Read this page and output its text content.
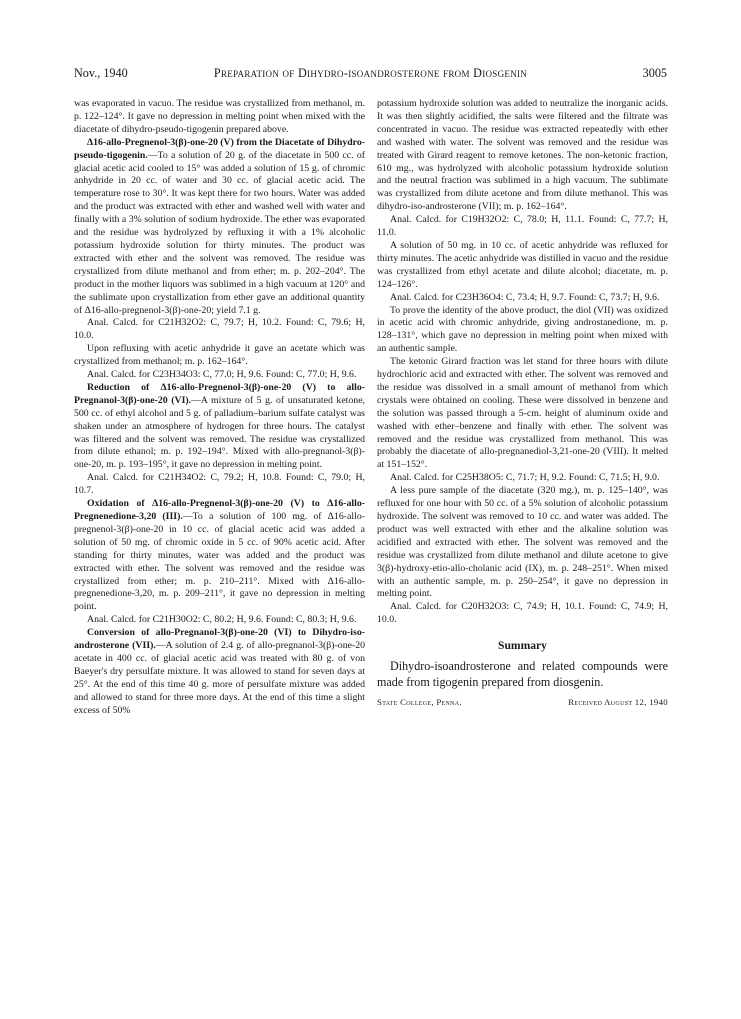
Nov., 1940	Preparation of Dihydro-isoandrosterone from Diosgenin	3005

was evaporated in vacuo. The residue was crystallized from methanol, m. p. 122–124°. It gave no depression in melting point when mixed with the diacetate of dihydro-pseudo-tigogenin prepared above.

Δ16-allo-Pregnenol-3(β)-one-20 (V) from the Diacetate of Dihydro-pseudo-tigogenin.—To a solution of 20 g. of the diacetate in 500 cc. of glacial acetic acid cooled to 15° was added a solution of 15 g. of chromic anhydride in 20 cc. of water and 30 cc. of glacial acetic acid. The temperature rose to 30°. It was kept there for two hours. Water was added and the product was extracted with ether and washed well with water and finally with a 3% solution of sodium hydroxide. The ether was evaporated and the residue was hydrolyzed by refluxing it with a 1% alcoholic potassium hydroxide solution for thirty minutes. The product was extracted with ether and the solvent was removed. The residue was crystallized from dilute methanol and from ether; m. p. 202–204°. The product in the mother liquors was sublimed in a high vacuum at 120° and the sublimate upon crystallization from ether gave an additional quantity of Δ16-allo-pregnenol-3(β)-one-20; yield 7.1 g.

Anal. Calcd. for C21H32O2: C, 79.7; H, 10.2. Found: C, 79.6; H, 10.0.

Upon refluxing with acetic anhydride it gave an acetate which was crystallized from methanol; m. p. 162–164°.

Anal. Calcd. for C23H34O3: C, 77.0; H, 9.6. Found: C, 77.0; H, 9.6.

Reduction of Δ16-allo-Pregnenol-3(β)-one-20 (V) to allo-Pregnanol-3(β)-one-20 (VI).—A mixture of 5 g. of unsaturated ketone, 500 cc. of ethyl alcohol and 5 g. of palladium–barium sulfate catalyst was shaken under an atmosphere of hydrogen for three hours. The catalyst was filtered and the solvent was removed. The residue was crystallized from dilute ethanol; m. p. 192–194°. Mixed with allo-pregnanol-3(β)-one-20, m. p. 193–195°, it gave no depression in melting point.

Anal. Calcd. for C21H34O2: C, 79.2; H, 10.8. Found: C, 79.0; H, 10.7.

Oxidation of Δ16-allo-Pregnenol-3(β)-one-20 (V) to Δ16-allo-Pregnenedione-3,20 (III).—To a solution of 100 mg. of Δ16-allo-pregnenol-3(β)-one-20 in 10 cc. of glacial acetic acid was added a solution of 50 mg. of chromic oxide in 5 cc. of 90% acetic acid. After standing for thirty minutes, water was added and the product was extracted with ether. The solvent was removed and the residue was crystallized from ether; m. p. 210–211°. Mixed with Δ16-allo-pregnenedione-3,20, m. p. 209–211°, it gave no depression in melting point.

Anal. Calcd. for C21H30O2: C, 80.2; H, 9.6. Found: C, 80.3; H, 9.6.

Conversion of allo-Pregnanol-3(β)-one-20 (VI) to Dihydro-iso-androsterone (VII).—A solution of 2.4 g. of allo-pregnanol-3(β)-one-20 acetate in 400 cc. of glacial acetic acid was treated with 80 g. of von Baeyer's dry persulfate mixture. It was allowed to stand for seven days at 25°. At the end of this time 40 g. more of persulfate mixture was added and allowed to stand for three more days. At the end of this time a slight excess of 50%

potassium hydroxide solution was added to neutralize the inorganic acids. It was then slightly acidified, the salts were filtered and the filtrate was concentrated in vacuo. The residue was extracted repeatedly with ether and washed with water. The solvent was removed and the residue was treated with Girard reagent to remove ketones. The non-ketonic fraction, 610 mg., was hydrolyzed with alcoholic potassium hydroxide solution and the neutral fraction was sublimed in a high vacuum. The sublimate was crystallized from dilute acetone and from dilute methanol. This was dihydro-iso-androsterone (VII); m. p. 162–164°.

Anal. Calcd. for C19H32O2: C, 78.0; H, 11.1. Found: C, 77.7; H, 11.0.

A solution of 50 mg. in 10 cc. of acetic anhydride was refluxed for thirty minutes. The acetic anhydride was distilled in vacuo and the residue was crystallized from ethyl acetate and dilute alcohol; diacetate, m. p. 124–126°.

Anal. Calcd. for C23H36O4: C, 73.4; H, 9.7. Found: C, 73.7; H, 9.6.

To prove the identity of the above product, the diol (VII) was oxidized in acetic acid with chromic anhydride, giving androstanedione, m. p. 128–131°, which gave no depression in melting point when mixed with an authentic sample.

The ketonic Girard fraction was let stand for three hours with dilute hydrochloric acid and extracted with ether. The solvent was removed and the residue was dissolved in a small amount of methanol from which crystals were obtained on cooling. These were dissolved in benzene and the solution was passed through a 5-cm. height of aluminum oxide and washed with ether–benzene and finally with ether. The solvent was removed and the residue was crystallized from methanol. This was probably the diacetate of allo-pregnanediol-3,21-one-20 (VIII). It melted at 151–152°.

Anal. Calcd. for C25H38O5: C, 71.7; H, 9.2. Found: C, 71.5; H, 9.0.

A less pure sample of the diacetate (320 mg.), m. p. 125–140°, was refluxed for one hour with 50 cc. of a 5% solution of alcoholic potassium hydroxide. The solvent was removed to 10 cc. and water was added. The product was well extracted with ether and the alkaline solution was acidified and extracted with ether. The solvent was removed and the residue was crystallized from dilute methanol and dilute acetone to give 3(β)-hydroxy-etio-allo-cholanic acid (IX), m. p. 248–251°. When mixed with an authentic sample, m. p. 250–254°, it gave no depression in melting point.

Anal. Calcd. for C20H32O3: C, 74.9; H, 10.1. Found: C, 74.9; H, 10.0.

Summary

Dihydro-isoandrosterone and related compounds were made from tigogenin prepared from diosgenin.

State College, Penna.	Received August 12, 1940
